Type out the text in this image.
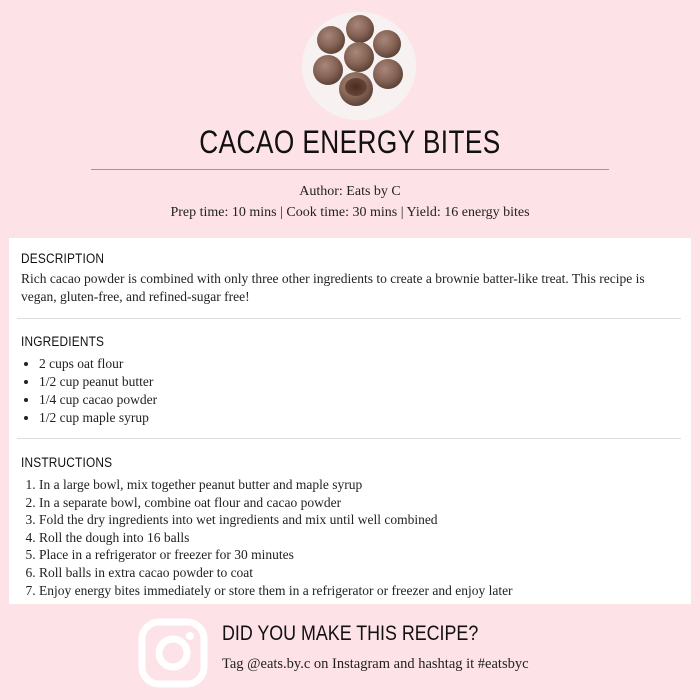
CACAO ENERGY BITES
Author: Eats by C
Prep time: 10 mins | Cook time: 30 mins | Yield: 16 energy bites
DESCRIPTION
Rich cacao powder is combined with only three other ingredients to create a brownie batter-like treat. This recipe is vegan, gluten-free, and refined-sugar free!
INGREDIENTS
• 2 cups oat flour
• 1/2 cup peanut butter
• 1/4 cup cacao powder
• 1/2 cup maple syrup
INSTRUCTIONS
1. In a large bowl, mix together peanut butter and maple syrup
2. In a separate bowl, combine oat flour and cacao powder
3. Fold the dry ingredients into wet ingredients and mix until well combined
4. Roll the dough into 16 balls
5. Place in a refrigerator or freezer for 30 minutes
6. Roll balls in extra cacao powder to coat
7. Enjoy energy bites immediately or store them in a refrigerator or freezer and enjoy later
DID YOU MAKE THIS RECIPE?
Tag @eats.by.c on Instagram and hashtag it #eatsbyc
